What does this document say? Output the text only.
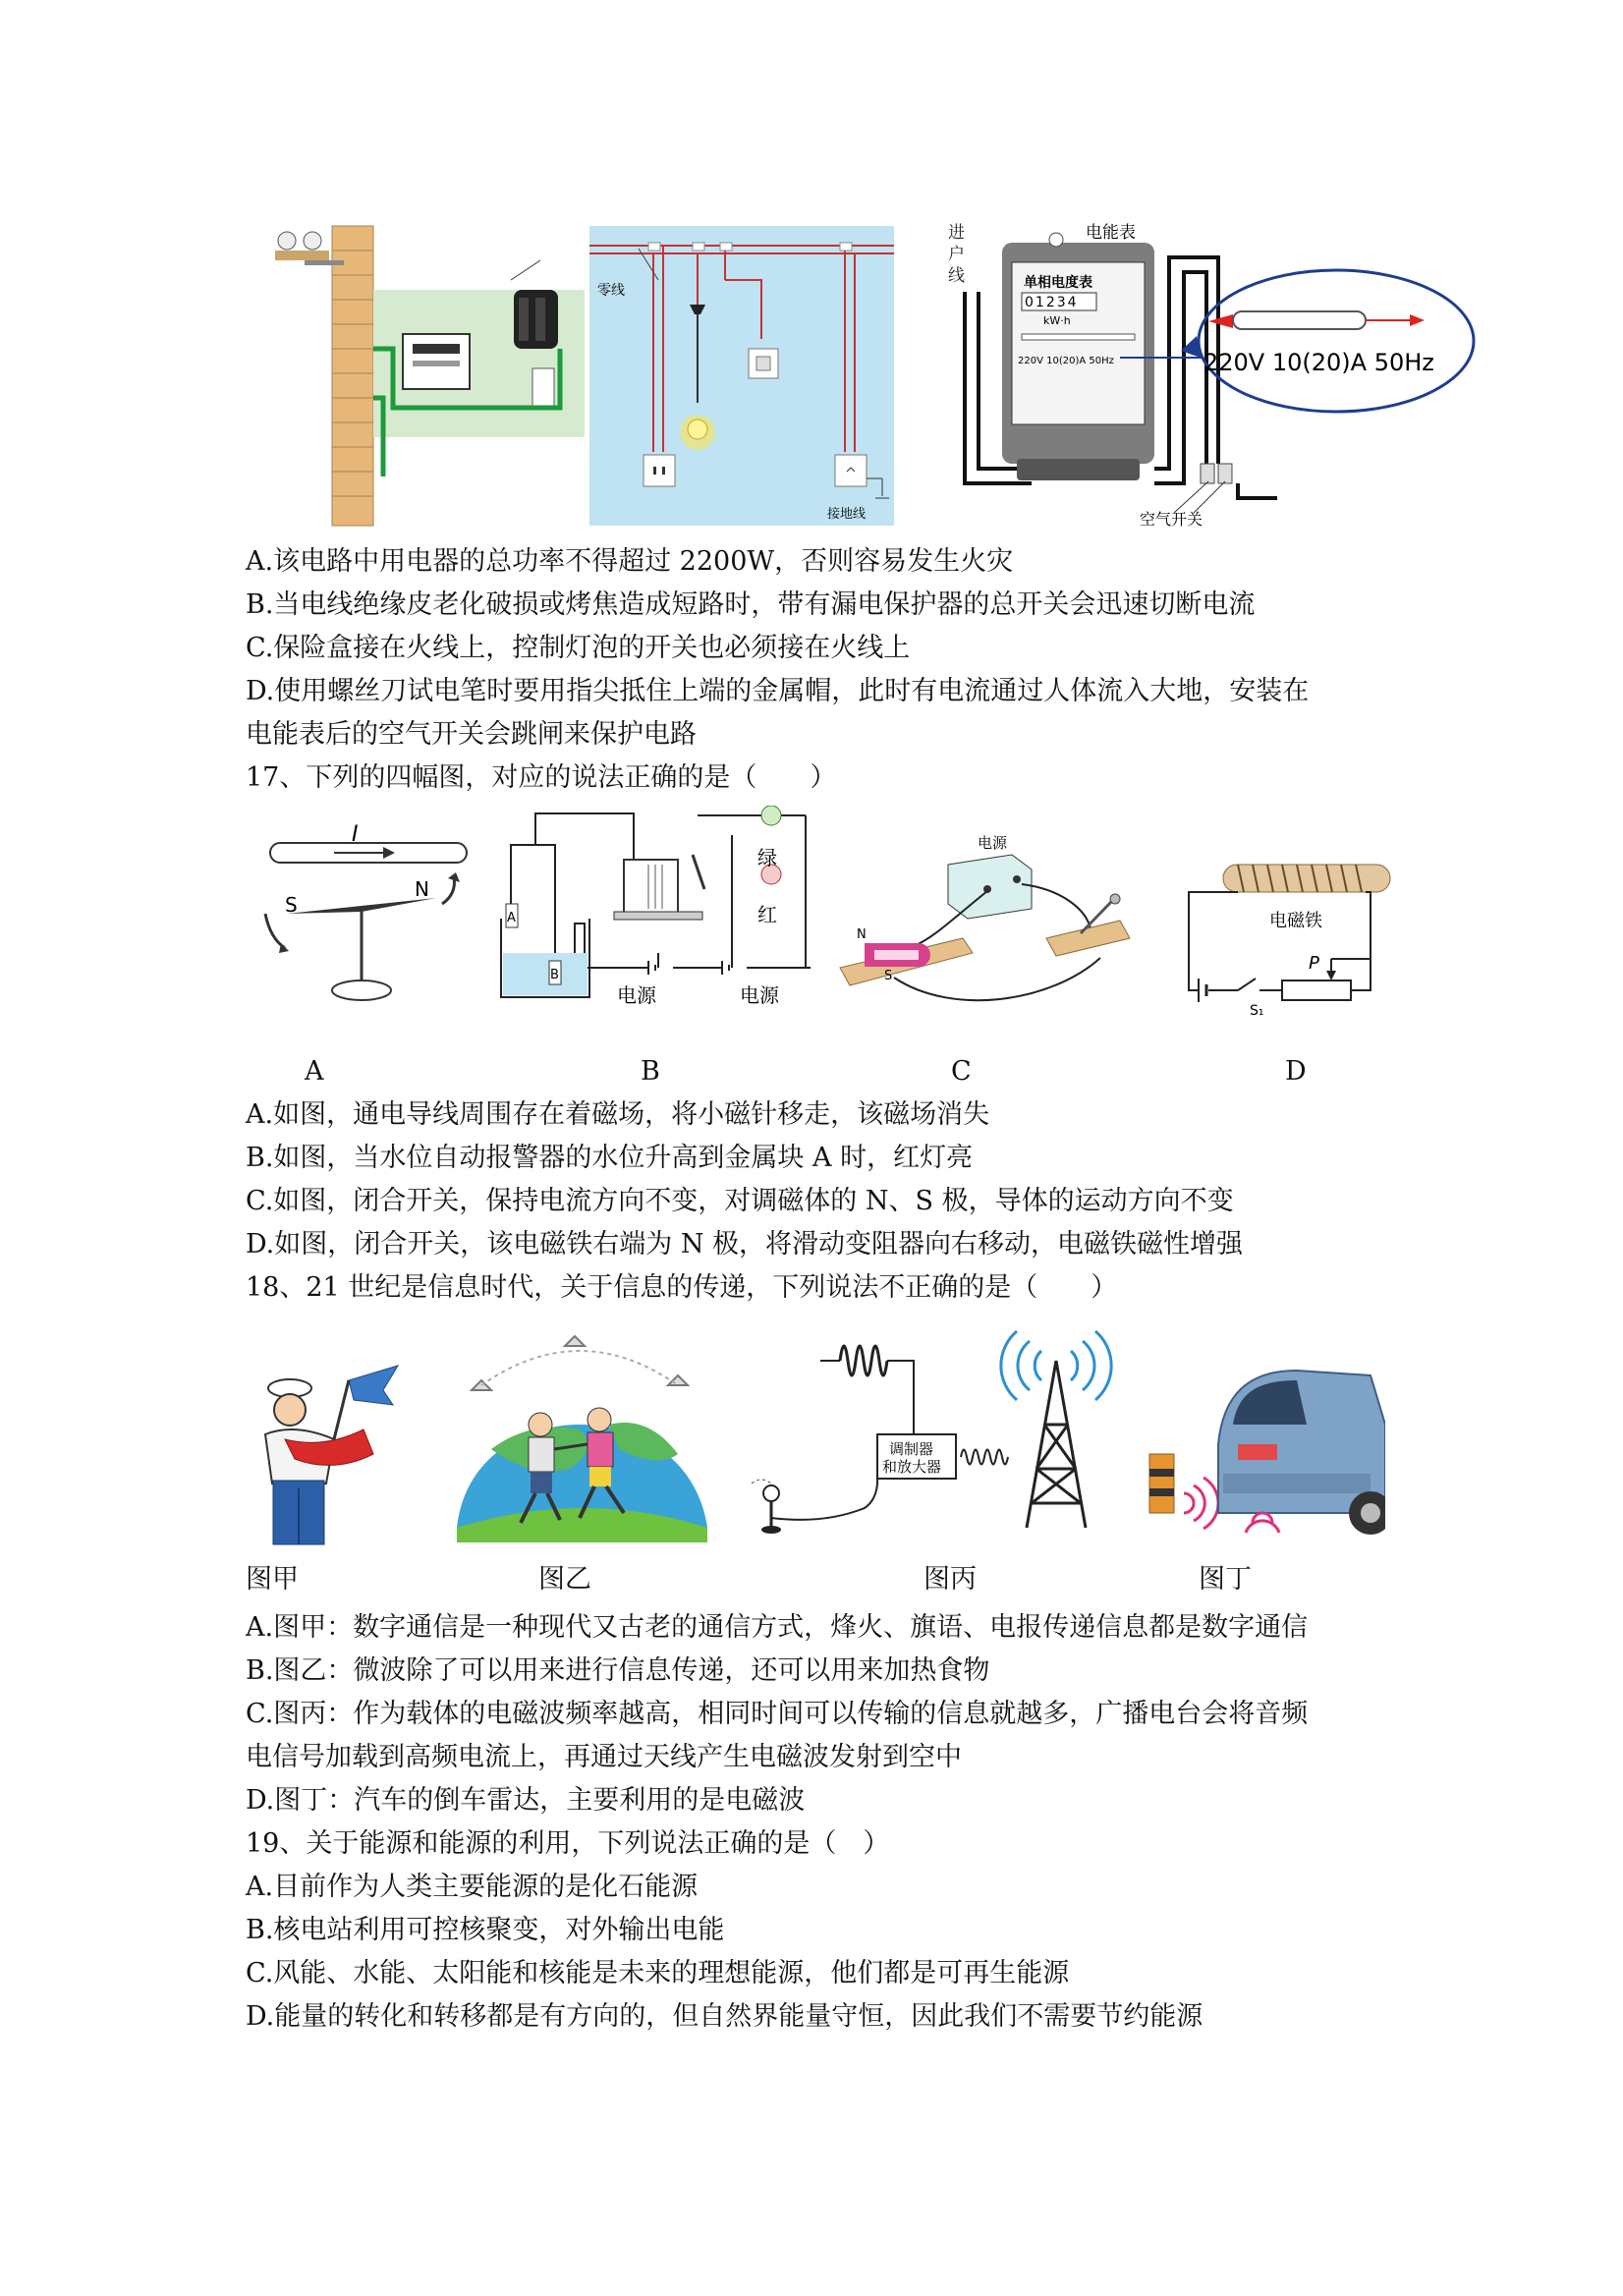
零线
接地线
进
户
线
电能表
单相电度表
01234
kW·h
220V 10(20)A 50Hz	220V 10(20)A 50Hz
空气开关
A.该电路中用电器的总功率不得超过 2200W，否则容易发生火灾
B.当电线绝缘皮老化破损或烤焦造成短路时，带有漏电保护器的总开关会迅速切断电流
C.保险盒接在火线上，控制灯泡的开关也必须接在火线上
D.使用螺丝刀试电笔时要用指尖抵住上端的金属帽，此时有电流通过人体流入大地，安装在
电能表后的空气开关会跳闸来保护电路
17、下列的四幅图，对应的说法正确的是（　　）
I
S
N
A
B
绿
红
电源	电源
电源
N
S
电磁铁
P
S₁
A	B	C	D
A.如图，通电导线周围存在着磁场，将小磁针移走，该磁场消失
B.如图，当水位自动报警器的水位升高到金属块 A 时，红灯亮
C.如图，闭合开关，保持电流方向不变，对调磁体的 N、S 极，导体的运动方向不变
D.如图，闭合开关，该电磁铁右端为 N 极，将滑动变阻器向右移动，电磁铁磁性增强
18、21 世纪是信息时代，关于信息的传递，下列说法不正确的是（　　）
调制器
和放大器
图甲	图乙	图丙	图丁
A.图甲：数字通信是一种现代又古老的通信方式，烽火、旗语、电报传递信息都是数字通信
B.图乙：微波除了可以用来进行信息传递，还可以用来加热食物
C.图丙：作为载体的电磁波频率越高，相同时间可以传输的信息就越多，广播电台会将音频
电信号加载到高频电流上，再通过天线产生电磁波发射到空中
D.图丁：汽车的倒车雷达，主要利用的是电磁波
19、关于能源和能源的利用，下列说法正确的是（　）
A.目前作为人类主要能源的是化石能源
B.核电站利用可控核聚变，对外输出电能
C.风能、水能、太阳能和核能是未来的理想能源，他们都是可再生能源
D.能量的转化和转移都是有方向的，但自然界能量守恒，因此我们不需要节约能源
